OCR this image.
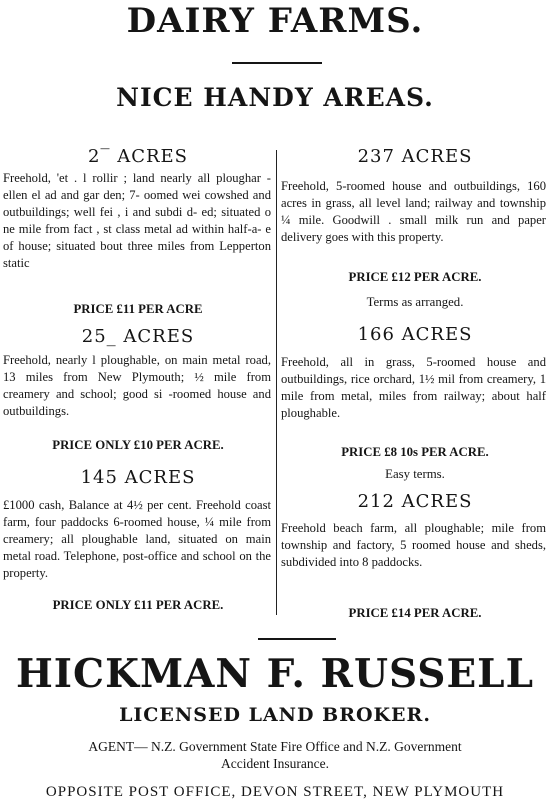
DAIRY FARMS.
NICE HANDY AREAS.
2‾ ACRES
Freehold, 'et . l rollir ; land nearly all ploughar - ellen el ad and gar den; 7- oomed wei cowshed and outbuildings; well fei , i and subdi d- ed; situated o ne mile from fact , st class metal ad within half-a- e of house; situated bout three miles from Lepperton static
PRICE £11 PER ACRE
25_ ACRES
Freehold, nearly l ploughable, on main metal road, 13 miles from New Plymouth; ½ mile from creamery and school; good si -roomed house and outbuildings.
PRICE ONLY £10 PER ACRE.
145 ACRES
£1000 cash, Balance at 4½ per cent. Freehold coast farm, four paddocks 6-roomed house, ¼ mile from creamery; all ploughable land, situated on main metal road. Telephone, post-office and school on the property.
PRICE ONLY £11 PER ACRE.
237 ACRES
Freehold, 5-roomed house and outbuildings, 160 acres in grass, all level land; railway and township ¼ mile. Goodwill . small milk run and paper delivery goes with this property.
PRICE £12 PER ACRE.
Terms as arranged.
166 ACRES
Freehold, all in grass, 5-roomed house and outbuildings, rice orchard, 1½ mil from creamery, 1 mile from metal, miles from railway; about half ploughable.
PRICE £8 10s PER ACRE.
Easy terms.
212 ACRES
Freehold beach farm, all ploughable; mile from township and factory, 5 roomed house and sheds, subdivided into 8 paddocks.
PRICE £14 PER ACRE.
HICKMAN F. RUSSELL
LICENSED LAND BROKER.
AGENT— N.Z. Government State Fire Office and N.Z. Government
Accident Insurance.
OPPOSITE POST OFFICE, DEVON STREET, NEW PLYMOUTH
